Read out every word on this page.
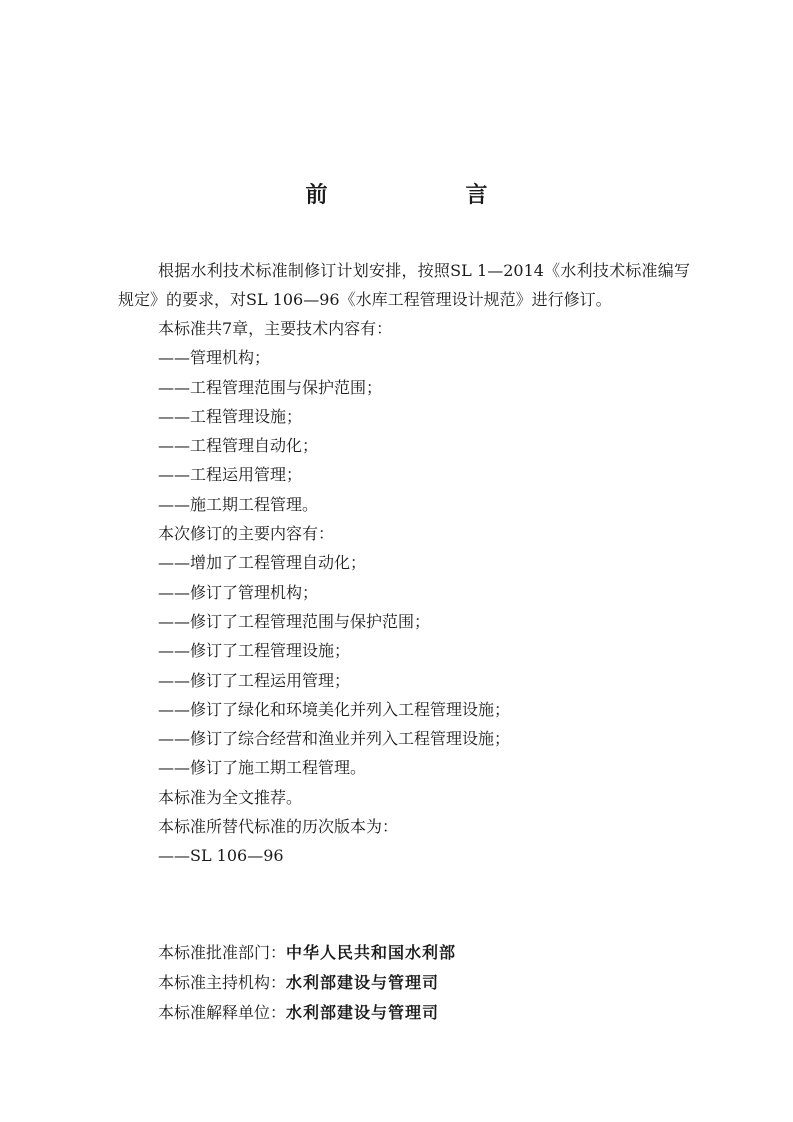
前　言

根据水利技术标准制修订计划安排，按照SL 1—2014《水利技术标准编写规定》的要求，对SL 106—96《水库工程管理设计规范》进行修订。

本标准共7章，主要技术内容有：

——管理机构；

——工程管理范围与保护范围；

——工程管理设施；

——工程管理自动化；

——工程运用管理；

——施工期工程管理。

本次修订的主要内容有：

——增加了工程管理自动化；

——修订了管理机构；

——修订了工程管理范围与保护范围；

——修订了工程管理设施；

——修订了工程运用管理；

——修订了绿化和环境美化并列入工程管理设施；

——修订了综合经营和渔业并列入工程管理设施；

——修订了施工期工程管理。

本标准为全文推荐。

本标准所替代标准的历次版本为：

——SL 106—96

本标准批准部门：中华人民共和国水利部
本标准主持机构：水利部建设与管理司
本标准解释单位：水利部建设与管理司
